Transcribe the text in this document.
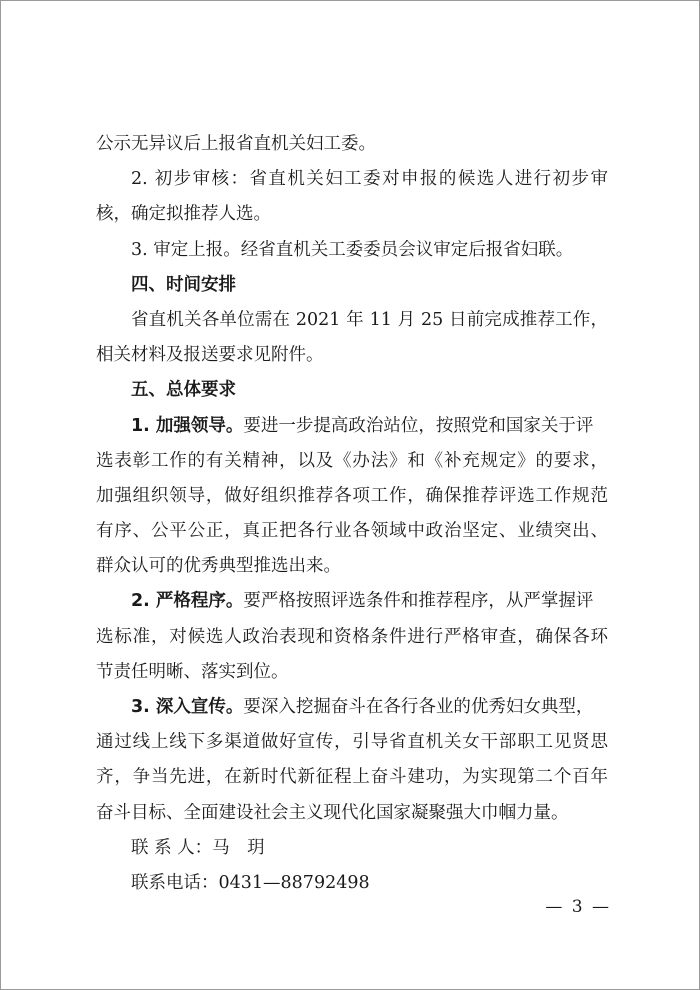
公示无异议后上报省直机关妇工委。
2. 初步审核：省直机关妇工委对申报的候选人进行初步审
核，确定拟推荐人选。
3. 审定上报。经省直机关工委委员会议审定后报省妇联。
四、时间安排
省直机关各单位需在 2021 年 11 月 25 日前完成推荐工作，
相关材料及报送要求见附件。
五、总体要求
1. 加强领导。要进一步提高政治站位，按照党和国家关于评
选表彰工作的有关精神，以及《办法》和《补充规定》的要求，
加强组织领导，做好组织推荐各项工作，确保推荐评选工作规范
有序、公平公正，真正把各行业各领域中政治坚定、业绩突出、
群众认可的优秀典型推选出来。
2. 严格程序。要严格按照评选条件和推荐程序，从严掌握评
选标准，对候选人政治表现和资格条件进行严格审查，确保各环
节责任明晰、落实到位。
3. 深入宣传。要深入挖掘奋斗在各行各业的优秀妇女典型，
通过线上线下多渠道做好宣传，引导省直机关女干部职工见贤思
齐，争当先进，在新时代新征程上奋斗建功，为实现第二个百年
奋斗目标、全面建设社会主义现代化国家凝聚强大巾帼力量。
联 系 人：马　玥
联系电话：0431—88792498
— 3 —
